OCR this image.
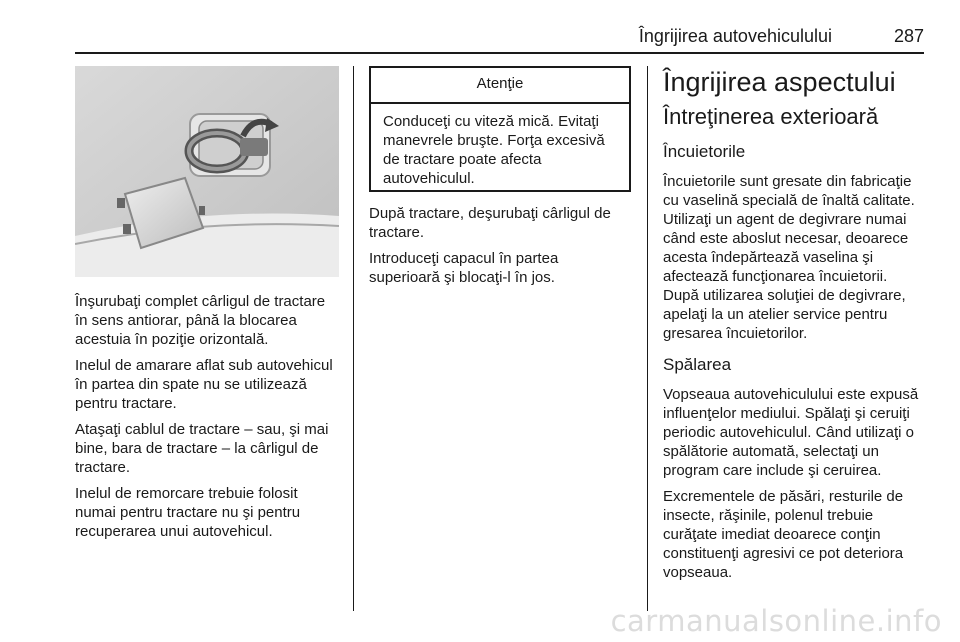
Îngrijirea autovehiculului	287

Înşurubaţi complet cârligul de tractare în sens antiorar, până la blocarea acestuia în poziţie orizontală.

Inelul de amarare aflat sub autovehicul în partea din spate nu se utilizează pentru tractare.

Ataşaţi cablul de tractare – sau, şi mai bine, bara de tractare – la cârligul de tractare.

Inelul de remorcare trebuie folosit numai pentru tractare nu şi pentru recuperarea unui autovehicul.

Atenţie
Conduceţi cu viteză mică. Evitaţi manevrele bruşte. Forţa excesivă de tractare poate afecta autovehiculul.

După tractare, deşurubaţi cârligul de tractare.

Introduceţi capacul în partea superioară şi blocaţi-l în jos.

Îngrijirea aspectului
Întreţinerea exterioară

Încuietorile

Încuietorile sunt gresate din fabricaţie cu vaselină specială de înaltă calitate. Utilizaţi un agent de degivrare numai când este aboslut necesar, deoarece acesta îndepărtează vaselina şi afectează funcţionarea încuietorii. După utilizarea soluţiei de degivrare, apelaţi la un atelier service pentru gresarea încuietorilor.

Spălarea

Vopseaua autovehiculului este expusă influenţelor mediului. Spălaţi şi ceruiţi periodic autovehiculul. Când utilizaţi o spălătorie automată, selectaţi un program care include şi ceruirea.

Excrementele de păsări, resturile de insecte, răşinile, polenul trebuie curăţate imediat deoarece conţin constituenţi agresivi ce pot deteriora vopseaua.

carmanualsonline.info
